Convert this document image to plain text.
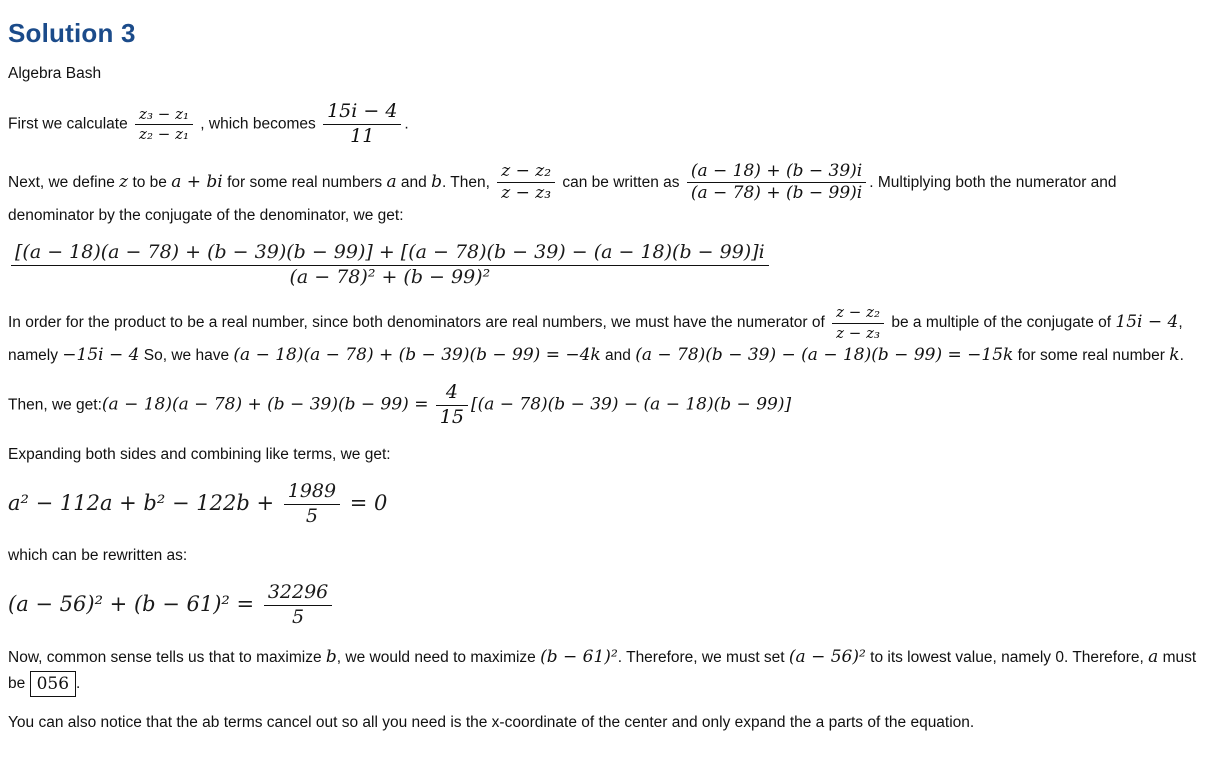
Solution 3
Algebra Bash
First we calculate $\frac{\text{z₃ − z₁}}{\text{z₂ − z₁}}$ , which becomes $\frac{15i - 4}{11}$ .
Next, we define z to be a + bi for some real numbers a and b. Then, $\frac{\text{z − z₂}}{\text{z − z₃}}$ can be written as $\frac{(a - 18) + (b - 39)i}{(a - 78) + (b - 99)i}$ . Multiplying both the numerator and denominator by the conjugate of the denominator, we get:
[(a − 18)(a − 78) + (b − 39)(b − 99)] + [(a − 78)(b − 39) − (a − 18)(b − 99)]i
(a − 78)² + (b − 99)²
In order for the product to be a real number, since both denominators are real numbers, we must have the numerator of $\frac{\text{z − z₂}}{\text{z − z₃}}$ be a multiple of the conjugate of 15i − 4, namely −15i − 4 So, we have (a − 18)(a − 78) + (b − 39)(b − 99) = −4k and (a − 78)(b − 39) − (a − 18)(b − 99) = −15k for some real number k.
Then, we get:(a − $18)(a - 78) + (b - 39)(b - 99) = \frac{4}{15} [(a - 78)(b - 39) - (a - 18)(b - 99)]$
Expanding both sides and combining like terms, we get:
$a^2 - 112a + b^2 - 122b + \frac{1989}{5} = 0$
which can be rewritten as:
$(a - 56)^2 + (b - 61)^2 = \frac{32296}{5}$
Now, common sense tells us that to maximize b, we would need to maximize (b − 61)². Therefore, we must set (a − 56)² to its lowest value, namely 0. Therefore, a must be 056 .
You can also notice that the ab terms cancel out so all you need is the x-coordinate of the center and only expand the a parts of the equation.
